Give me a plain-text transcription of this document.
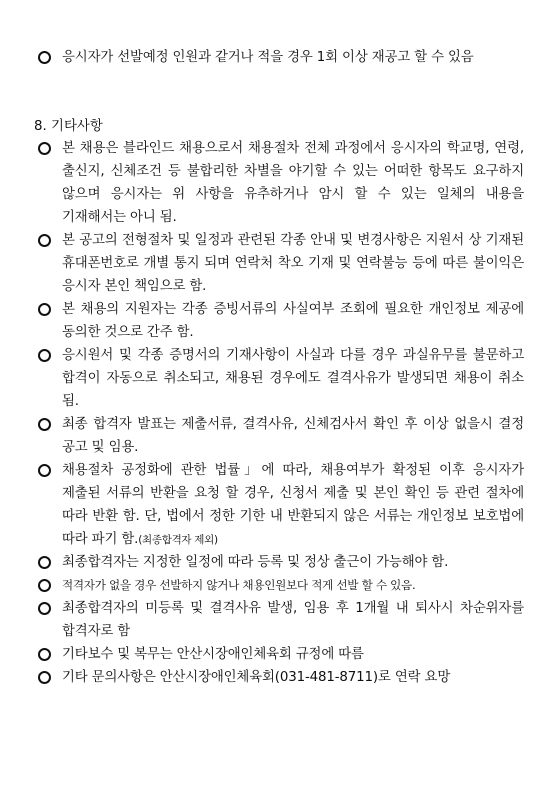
응시자가 선발예정 인원과 같거나 적을 경우 1회 이상 재공고 할 수 있음
8. 기타사항
본 채용은 블라인드 채용으로서 채용절차 전체 과정에서 응시자의 학교명, 연령, 출신지, 신체조건 등 불합리한 차별을 야기할 수 있는 어떠한 항목도 요구하지 않으며 응시자는 위 사항을 유추하거나 암시 할 수 있는 일체의 내용을 기재해서는 아니 됨.
본 공고의 전형절차 및 일정과 관련된 각종 안내 및 변경사항은 지원서 상 기재된 휴대폰번호로 개별 통지 되며 연락처 착오 기재 및 연락불능 등에 따른 불이익은 응시자 본인 책임으로 함.
본 채용의 지원자는 각종 증빙서류의 사실여부 조회에 필요한 개인정보 제공에 동의한 것으로 간주 함.
응시원서 및 각종 증명서의 기재사항이 사실과 다를 경우 과실유무를 불문하고 합격이 자동으로 취소되고, 채용된 경우에도 결격사유가 발생되면 채용이 취소 됨.
최종 합격자 발표는 제출서류, 결격사유, 신체검사서 확인 후 이상 없을시 결정 공고 및 임용.
채용절차 공정화에 관한 법률」에 따라, 채용여부가 확정된 이후 응시자가 제출된 서류의 반환을 요청 할 경우, 신청서 제출 및 본인 확인 등 관련 절차에 따라 반환 함. 단, 법에서 정한 기한 내 반환되지 않은 서류는 개인정보 보호법에 따라 파기 함.(최종합격자 제외)
최종합격자는 지정한 일정에 따라 등록 및 정상 출근이 가능해야 함.
적격자가 없을 경우 선발하지 않거나 채용인원보다 적게 선발 할 수 있음.
최종합격자의 미등록 및 결격사유 발생, 임용 후 1개월 내 퇴사시 차순위자를 합격자로 함
기타보수 및 복무는 안산시장애인체육회 규정에 따름
기타 문의사항은 안산시장애인체육회(031-481-8711)로 연락 요망
